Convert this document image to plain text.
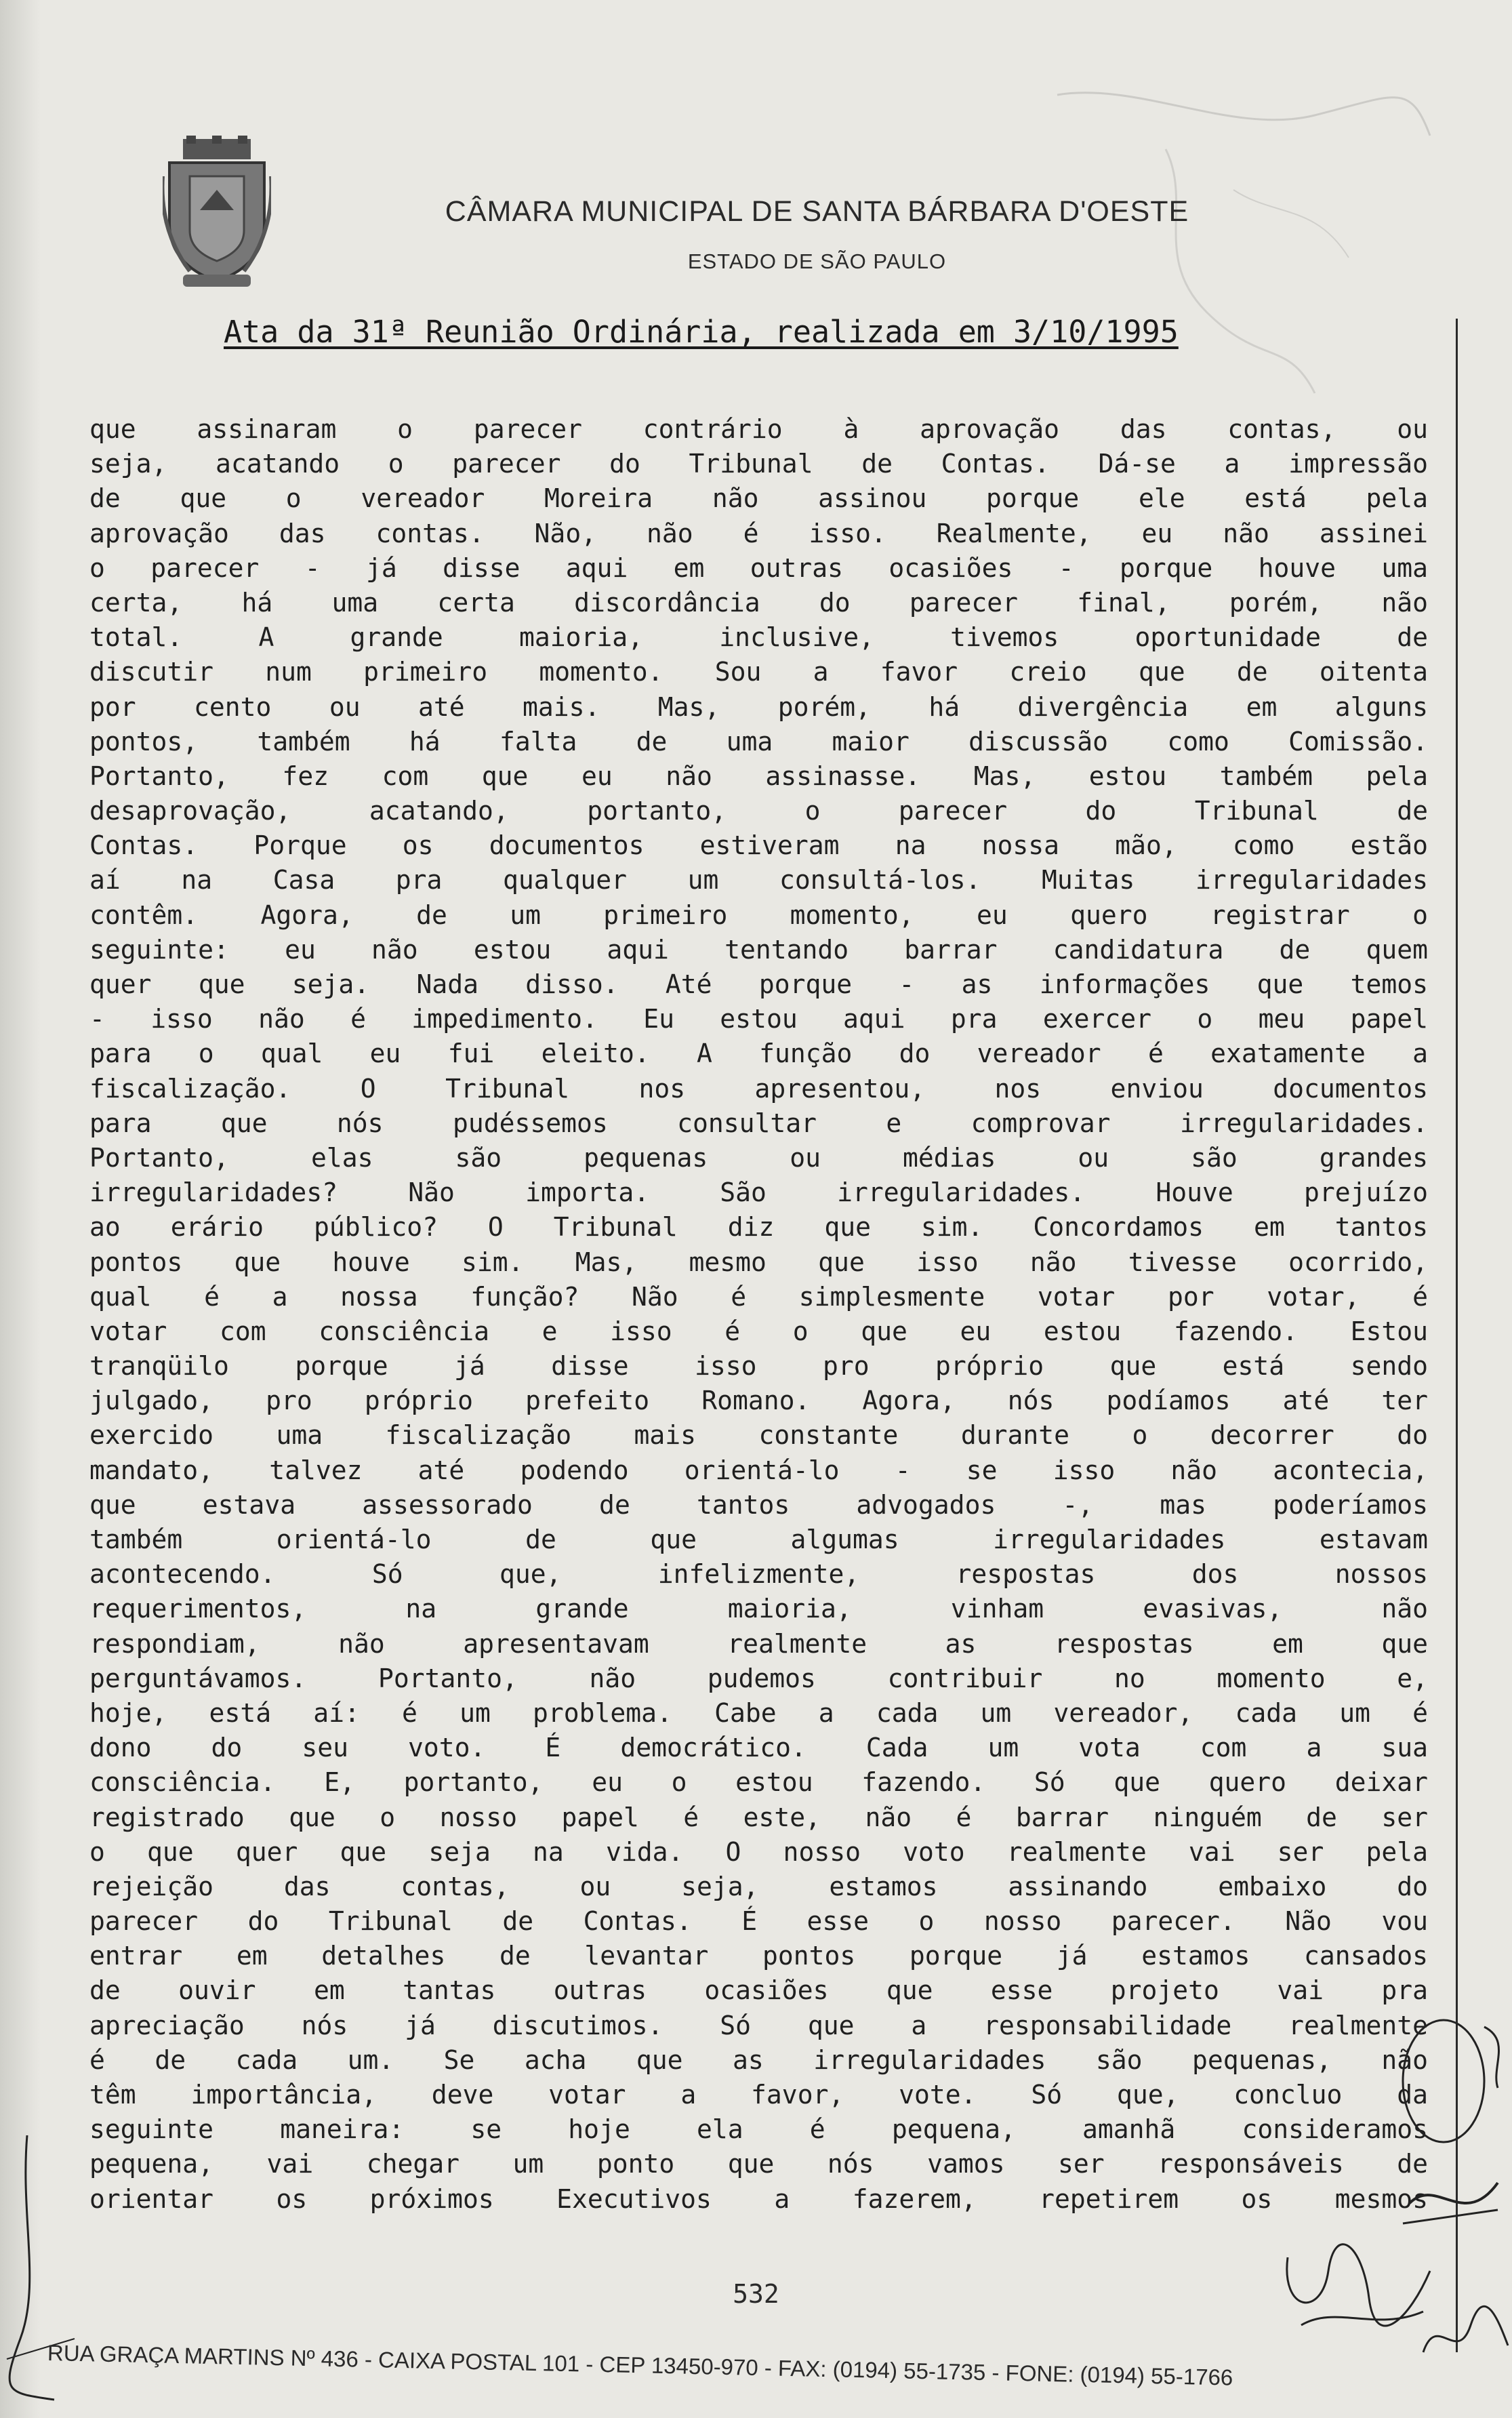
CÂMARA MUNICIPAL DE SANTA BÁRBARA D'OESTE
ESTADO DE SÃO PAULO
Ata da 31ª Reunião Ordinária, realizada em 3/10/1995
que assinaram o parecer contrário à aprovação das contas, ou
seja, acatando o parecer do Tribunal de Contas. Dá-se a impressão
de que o vereador Moreira não assinou porque ele está pela
aprovação das contas. Não, não é isso. Realmente, eu não assinei
o parecer - já disse aqui em outras ocasiões - porque houve uma
certa, há uma certa discordância do parecer final, porém, não
total. A grande maioria, inclusive, tivemos oportunidade de
discutir num primeiro momento. Sou a favor creio que de oitenta
por cento ou até mais. Mas, porém, há divergência em alguns
pontos, também há falta de uma maior discussão como Comissão.
Portanto, fez com que eu não assinasse. Mas, estou também pela
desaprovação, acatando, portanto, o parecer do Tribunal de
Contas. Porque os documentos estiveram na nossa mão, como estão
aí na Casa pra qualquer um consultá-los. Muitas irregularidades
contêm. Agora, de um primeiro momento, eu quero registrar o
seguinte: eu não estou aqui tentando barrar candidatura de quem
quer que seja. Nada disso. Até porque - as informações que temos
- isso não é impedimento. Eu estou aqui pra exercer o meu papel
para o qual eu fui eleito. A função do vereador é exatamente a
fiscalização. O Tribunal nos apresentou, nos enviou documentos
para que nós pudéssemos consultar e comprovar irregularidades.
Portanto, elas são pequenas ou médias ou são grandes
irregularidades? Não importa. São irregularidades. Houve prejuízo
ao erário público? O Tribunal diz que sim. Concordamos em tantos
pontos que houve sim. Mas, mesmo que isso não tivesse ocorrido,
qual é a nossa função? Não é simplesmente votar por votar, é
votar com consciência e isso é o que eu estou fazendo. Estou
tranqüilo porque já disse isso pro próprio que está sendo
julgado, pro próprio prefeito Romano. Agora, nós podíamos até ter
exercido uma fiscalização mais constante durante o decorrer do
mandato, talvez até podendo orientá-lo - se isso não acontecia,
que estava assessorado de tantos advogados -, mas poderíamos
também orientá-lo de que algumas irregularidades estavam
acontecendo. Só que, infelizmente, respostas dos nossos
requerimentos, na grande maioria, vinham evasivas, não
respondiam, não apresentavam realmente as respostas em que
perguntávamos. Portanto, não pudemos contribuir no momento e,
hoje, está aí: é um problema. Cabe a cada um vereador, cada um é
dono do seu voto. É democrático. Cada um vota com a sua
consciência. E, portanto, eu o estou fazendo. Só que quero deixar
registrado que o nosso papel é este, não é barrar ninguém de ser
o que quer que seja na vida. O nosso voto realmente vai ser pela
rejeição das contas, ou seja, estamos assinando embaixo do
parecer do Tribunal de Contas. É esse o nosso parecer. Não vou
entrar em detalhes de levantar pontos porque já estamos cansados
de ouvir em tantas outras ocasiões que esse projeto vai pra
apreciação nós já discutimos. Só que a responsabilidade realmente
é de cada um. Se acha que as irregularidades são pequenas, não
têm importância, deve votar a favor, vote. Só que, concluo da
seguinte maneira: se hoje ela é pequena, amanhã consideramos
pequena, vai chegar um ponto que nós vamos ser responsáveis de
orientar os próximos Executivos a fazerem, repetirem os mesmos
532
RUA GRAÇA MARTINS Nº 436 - CAIXA POSTAL 101 - CEP 13450-970 - FAX: (0194) 55-1735 - FONE: (0194) 55-1766
